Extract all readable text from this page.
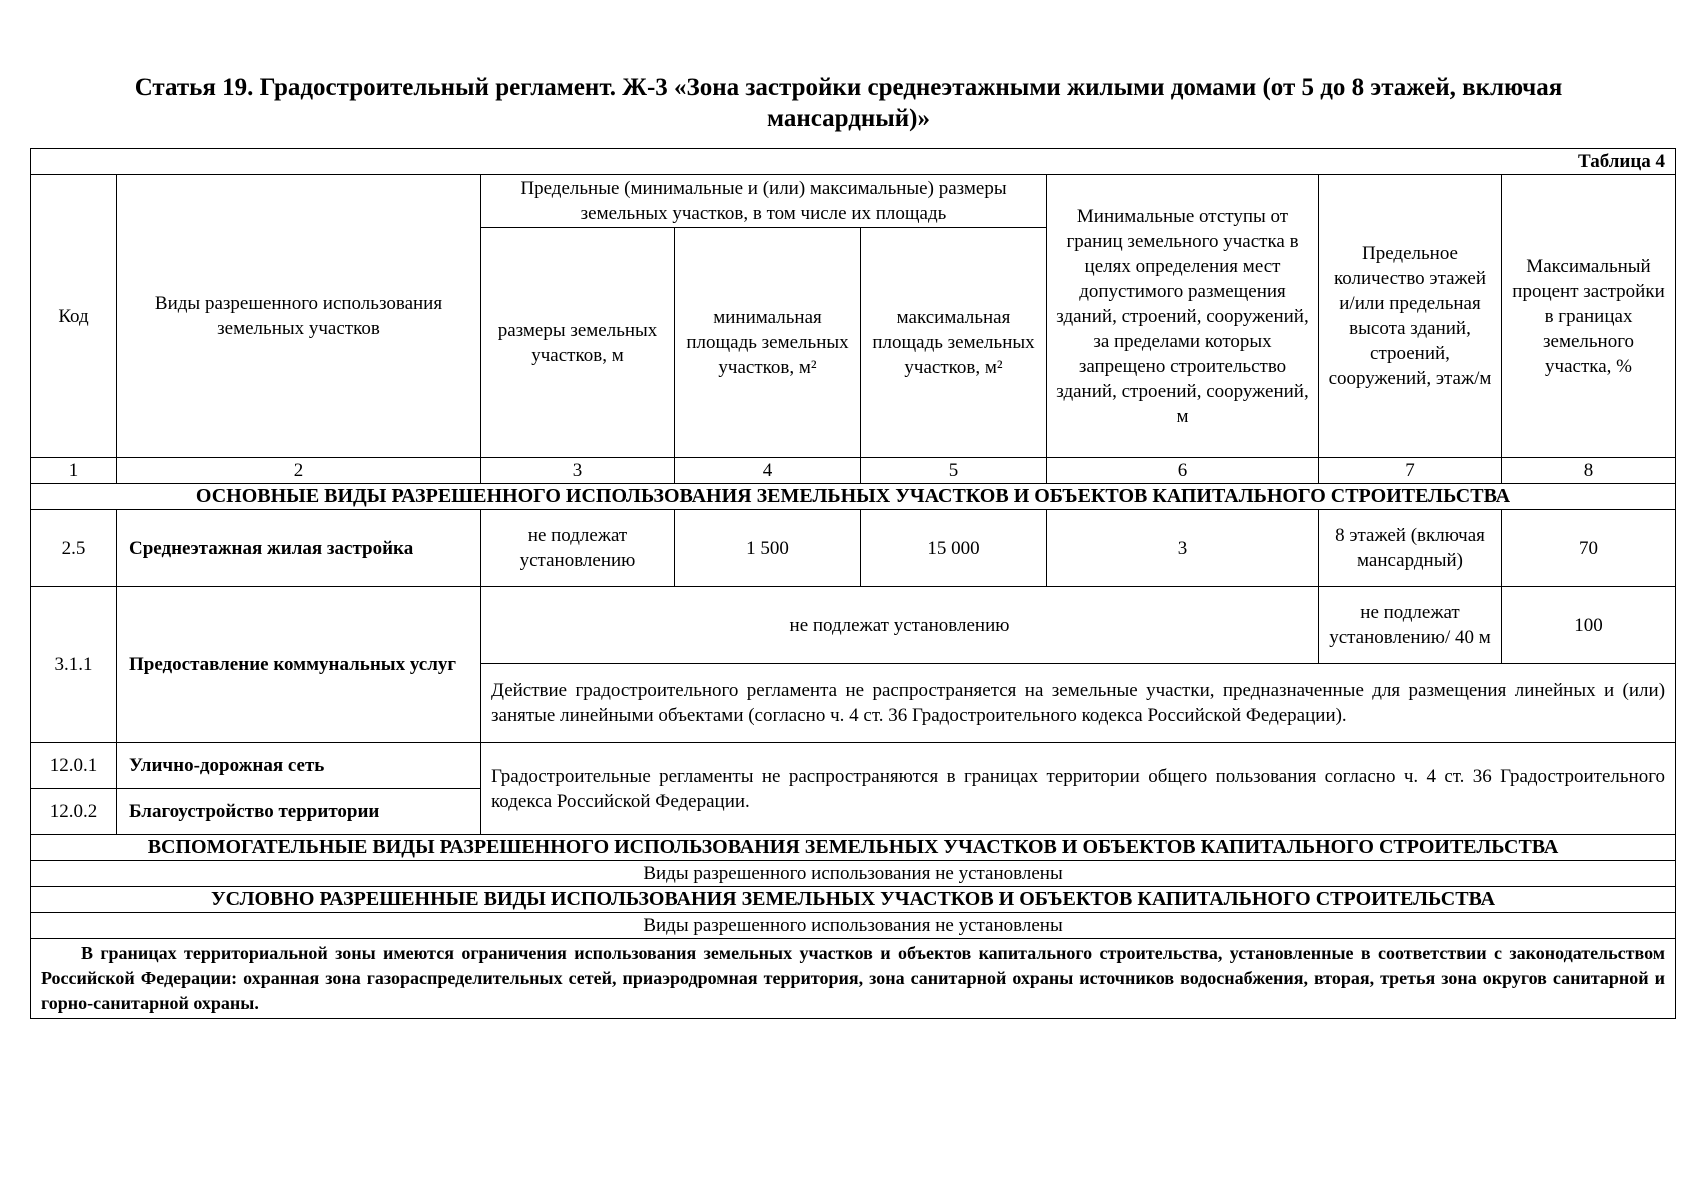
Статья 19. Градостроительный регламент. Ж-3 «Зона застройки среднеэтажными жилыми домами (от 5 до 8 этажей, включая мансардный)»
Таблица 4							
Код	Виды разрешенного использования земельных участков	Предельные (минимальные и (или) максимальные) размеры земельных участков, в том числе их площадь			Минимальные отступы от границ земельного участка в целях определения мест допустимого размещения зданий, строений, сооружений, за пределами которых запрещено строительство зданий, строений, сооружений, м	Предельное количество этажей и/или предельная высота зданий, строений, сооружений, этаж/м	Максимальный процент застройки в границах земельного участка, %
		размеры земельных участков, м	минимальная площадь земельных участков, м²	максимальная площадь земельных участков, м²			
1	2	3	4	5	6	7	8
ОСНОВНЫЕ ВИДЫ РАЗРЕШЕННОГО ИСПОЛЬЗОВАНИЯ ЗЕМЕЛЬНЫХ УЧАСТКОВ И ОБЪЕКТОВ КАПИТАЛЬНОГО СТРОИТЕЛЬСТВА							
2.5	Среднеэтажная жилая застройка	не подлежат установлению	1 500	15 000	3	8 этажей (включая мансардный)	70
3.1.1	Предоставление коммунальных услуг	не подлежат установлению				не подлежат установлению/ 40 м	100
		Действие градостроительного регламента не распространяется на земельные участки, предназначенные для размещения линейных и (или) занятые линейными объектами (согласно ч. 4 ст. 36 Градостроительного кодекса Российской Федерации).					
12.0.1	Улично-дорожная сеть	Градостроительные регламенты не распространяются в границах территории общего пользования согласно ч. 4 ст. 36 Градостроительного кодекса Российской Федерации.					
12.0.2	Благоустройство территории						
ВСПОМОГАТЕЛЬНЫЕ ВИДЫ РАЗРЕШЕННОГО ИСПОЛЬЗОВАНИЯ ЗЕМЕЛЬНЫХ УЧАСТКОВ И ОБЪЕКТОВ КАПИТАЛЬНОГО СТРОИТЕЛЬСТВА							
Виды разрешенного использования не установлены							
УСЛОВНО РАЗРЕШЕННЫЕ ВИДЫ ИСПОЛЬЗОВАНИЯ ЗЕМЕЛЬНЫХ УЧАСТКОВ И ОБЪЕКТОВ КАПИТАЛЬНОГО СТРОИТЕЛЬСТВА							
Виды разрешенного использования не установлены							
В границах территориальной зоны имеются ограничения использования земельных участков и объектов капитального строительства, установленные в соответствии с законодательством Российской Федерации: охранная зона газораспределительных сетей, приаэродромная территория, зона санитарной охраны источников водоснабжения, вторая, третья зона округов санитарной и горно-санитарной охраны.							
